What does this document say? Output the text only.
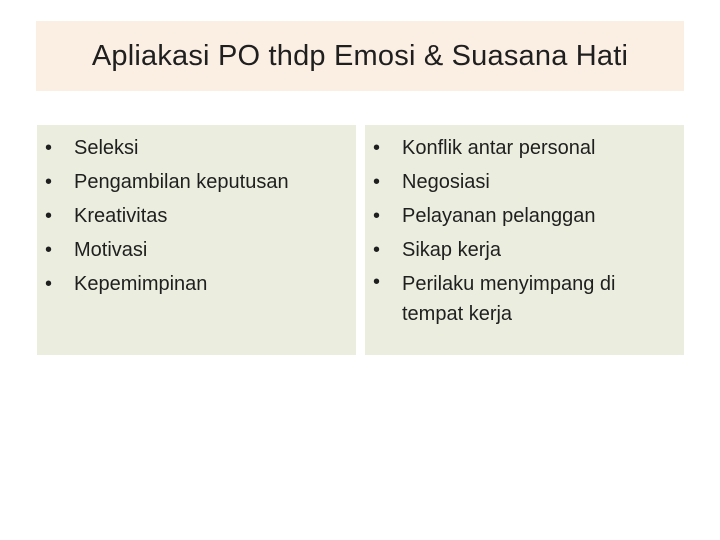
Apliakasi PO thdp Emosi & Suasana Hati
• Seleksi
• Pengambilan keputusan
• Kreativitas
• Motivasi
• Kepemimpinan
• Konflik antar personal
• Negosiasi
• Pelayanan pelanggan
• Sikap kerja
• Perilaku menyimpang di tempat kerja
